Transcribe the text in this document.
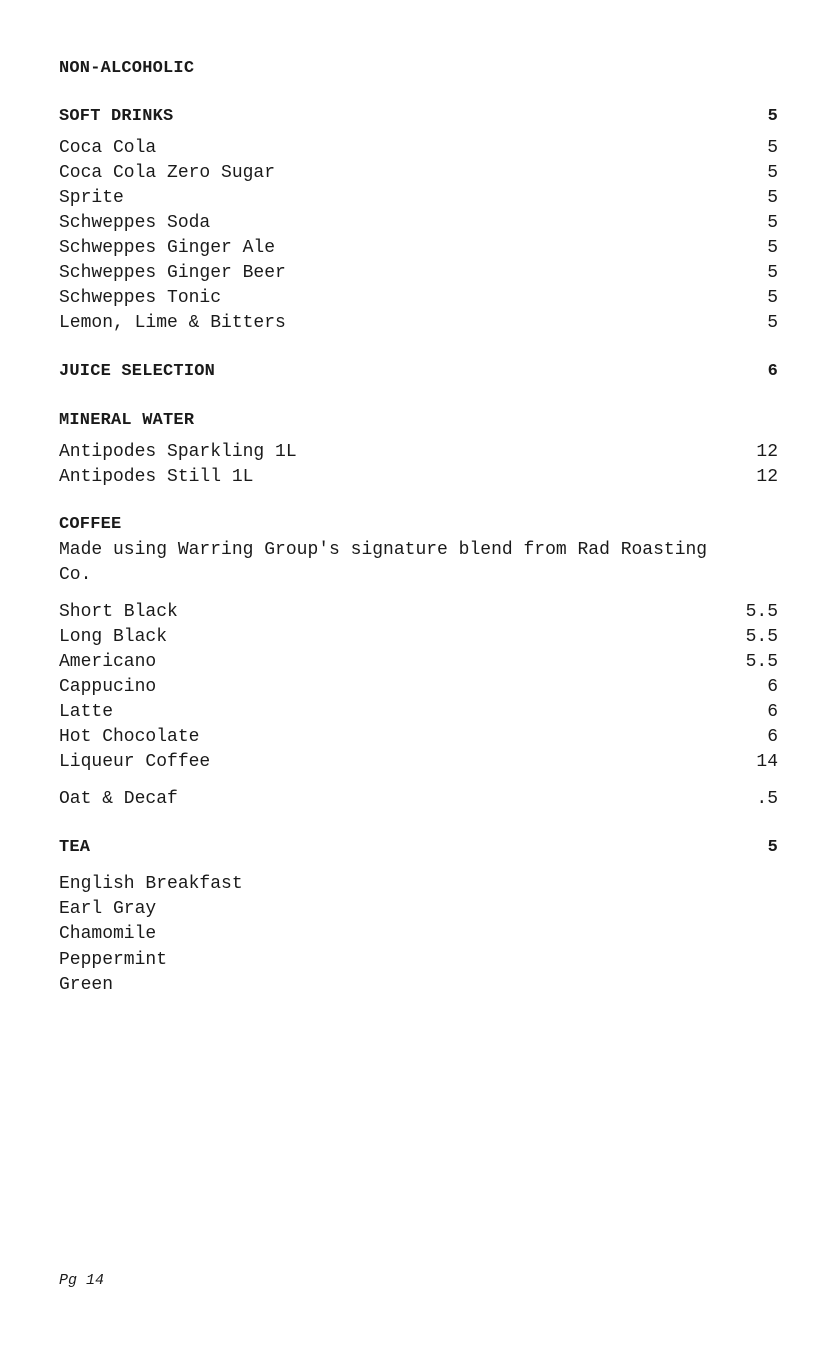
NON-ALCOHOLIC
SOFT DRINKS	5
Coca Cola	5
Coca Cola Zero Sugar	5
Sprite	5
Schweppes Soda	5
Schweppes Ginger Ale	5
Schweppes Ginger Beer	5
Schweppes Tonic	5
Lemon, Lime & Bitters	5
JUICE SELECTION	6
MINERAL WATER
Antipodes Sparkling 1L	12
Antipodes Still 1L	12
COFFEE
Made using Warring Group's signature blend from Rad Roasting Co.
Short Black	5.5
Long Black	5.5
Americano	5.5
Cappucino	6
Latte	6
Hot Chocolate	6
Liqueur Coffee	14
Oat & Decaf	.5
TEA	5
English Breakfast
Earl Gray
Chamomile
Peppermint
Green
Pg 14
